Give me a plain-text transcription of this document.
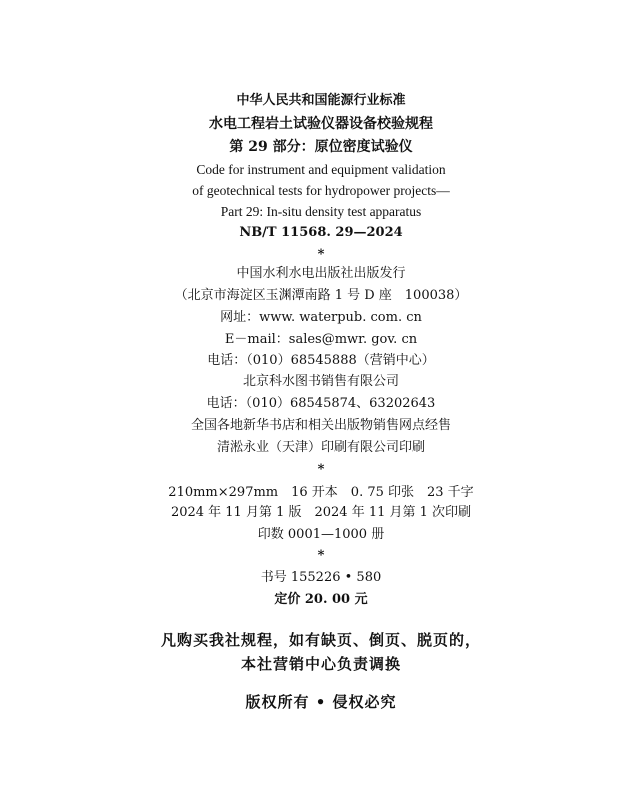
中华人民共和国能源行业标准
水电工程岩土试验仪器设备校验规程
第 29 部分：原位密度试验仪
Code for instrument and equipment validation
of geotechnical tests for hydropower projects—
Part 29: In-situ density test apparatus
NB/T 11568. 29—2024
*
中国水利水电出版社出版发行
（北京市海淀区玉渊潭南路 1 号 D 座　100038）
网址：www. waterpub. com. cn
E－mail：sales@mwr. gov. cn
电话：（010）68545888（营销中心）
北京科水图书销售有限公司
电话：（010）68545874、63202643
全国各地新华书店和相关出版物销售网点经售
清淞永业（天津）印刷有限公司印刷
*
210mm×297mm　16 开本　0. 75 印张　23 千字
2024 年 11 月第 1 版　2024 年 11 月第 1 次印刷
印数 0001—1000 册
*
书号 155226 • 580
定价 20. 00 元
凡购买我社规程，如有缺页、倒页、脱页的，
本社营销中心负责调换
版权所有 • 侵权必究
